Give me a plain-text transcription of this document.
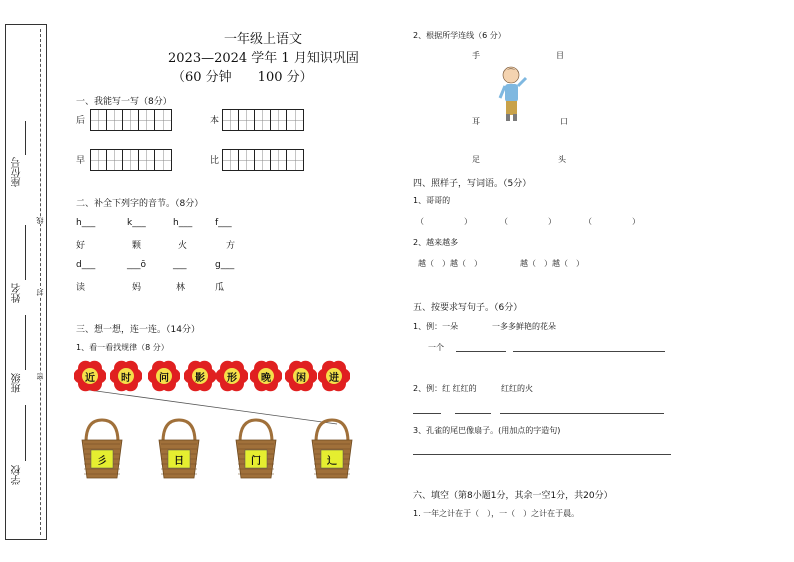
线
封
密
座位号
姓名
班级
学校
一年级上语文
2023—2024 学年 1 月知识巩固
（60 分钟　　100 分）
一、我能写一写（8分）
后	本
早	比
二、补全下列字的音节。（8分）
h___	k___	h___	f___
好	颗	火	方
d___	___ō	___	g___
读	妈	林	瓜
三、想一想，连一连。（14分）
1、看一看找规律（8 分）
近	时	问	影	形	晚	闲	进
彡	日	门	辶
2、根据所学连线（6 分）
手	目
耳	口
足	头
四、照样子，写词语。（5分）
1、哥哥的
（　　　　　）	（　　　　　）	（　　　　　）
2、越来越多
越（　）越（　）	越（　）越（　）
五、按要求写句子。（6分）
1、例：一朵	一多多鲜艳的花朵
一个
2、例：红 红红的	红红的火
3、孔雀的尾巴像扇子。(用加点的字造句)
六、填空（第8小题1分，其余一空1分，共20分）
1. 一年之计在于（　），一（　）之计在于晨。
